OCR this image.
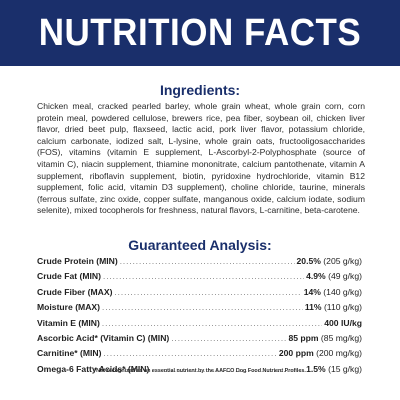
NUTRITION FACTS
Ingredients:
Chicken meal, cracked pearled barley, whole grain wheat, whole grain corn, corn protein meal, powdered cellulose, brewers rice, pea fiber, soybean oil, chicken liver flavor, dried beet pulp, flaxseed, lactic acid, pork liver flavor, potassium chloride, calcium carbonate, iodized salt, L-lysine, whole grain oats, fructooligosaccharides (FOS), vitamins (vitamin E supplement, L-Ascorbyl-2-Polyphosphate (source of vitamin C), niacin supplement, thiamine mononitrate, calcium pantothenate, vitamin A supplement, riboflavin supplement, biotin, pyridoxine hydrochloride, vitamin B12 supplement, folic acid, vitamin D3 supplement), choline chloride, taurine, minerals (ferrous sulfate, zinc oxide, copper sulfate, manganous oxide, calcium iodate, sodium selenite), mixed tocopherols for freshness, natural flavors, L-carnitine, beta-carotene.
Guaranteed Analysis:
Crude Protein (MIN) .....	20.5% (205 g/kg)
Crude Fat (MIN) .....	4.9% (49 g/kg)
Crude Fiber (MAX) .....	14% (140 g/kg)
Moisture (MAX) .....	11% (110 g/kg)
Vitamin E (MIN) .....	400 IU/kg
Ascorbic Acid* (Vitamin C) (MIN) .....	85 ppm (85 mg/kg)
Carnitine* (MIN) .....	200 ppm (200 mg/kg)
Omega-6 Fatty Acids* (MIN) .....	1.5% (15 g/kg)
*Not recognized as an essential nutrient by the AAFCO Dog Food Nutrient Profiles.
